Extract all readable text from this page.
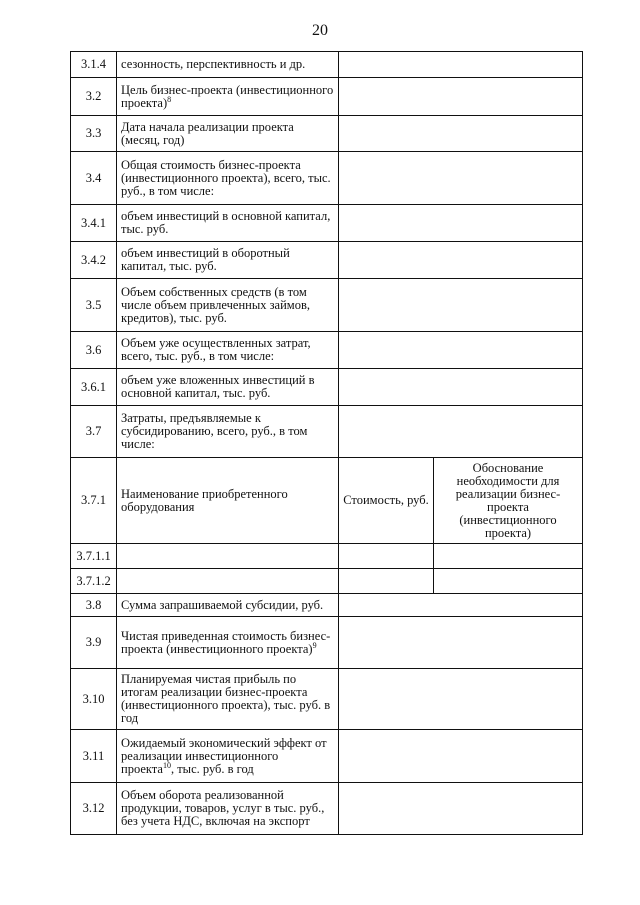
20
3.1.4	сезонность, перспективность и др.		
3.2	Цель бизнес-проекта (инвестиционного проекта)$^8$	
3.3	Дата начала реализации проекта (месяц, год)		
3.4	Общая стоимость бизнес-проекта (инвестиционного проекта), всего, тыс. руб., в том числе:		
3.4.1	объем инвестиций в основной капитал, тыс. руб.		
3.4.2	объем инвестиций в оборотный капитал, тыс. руб.		
3.5	Объем собственных средств (в том числе объем привлеченных займов, кредитов), тыс. руб.		
3.6	Объем уже осуществленных затрат, всего, тыс. руб., в том числе:		
3.6.1	объем уже вложенных инвестиций в основной капитал, тыс. руб.		
3.7	Затраты, предъявляемые к субсидированию, всего, руб., в том числе:		
3.7.1	Наименование приобретенного оборудования	Стоимость, руб.	Обоснование необходимости для реализации бизнес-проекта (инвестиционного проекта)
3.7.1.1			
3.7.1.2			
3.8	Сумма запрашиваемой субсидии, руб.		
3.9	Чистая приведенная стоимость бизнес-проекта (инвестиционного проекта)$^9$	
3.10	Планируемая чистая прибыль по итогам реализации бизнес-проекта (инвестиционного проекта), тыс. руб. в год		
3.11	Ожидаемый экономический эффект от реализации инвестиционного проекта$^{10}$, тыс. руб. в год		
3.12	Объем оборота реализованной продукции, товаров, услуг в тыс. руб., без учета НДС, включая на экспорт		
